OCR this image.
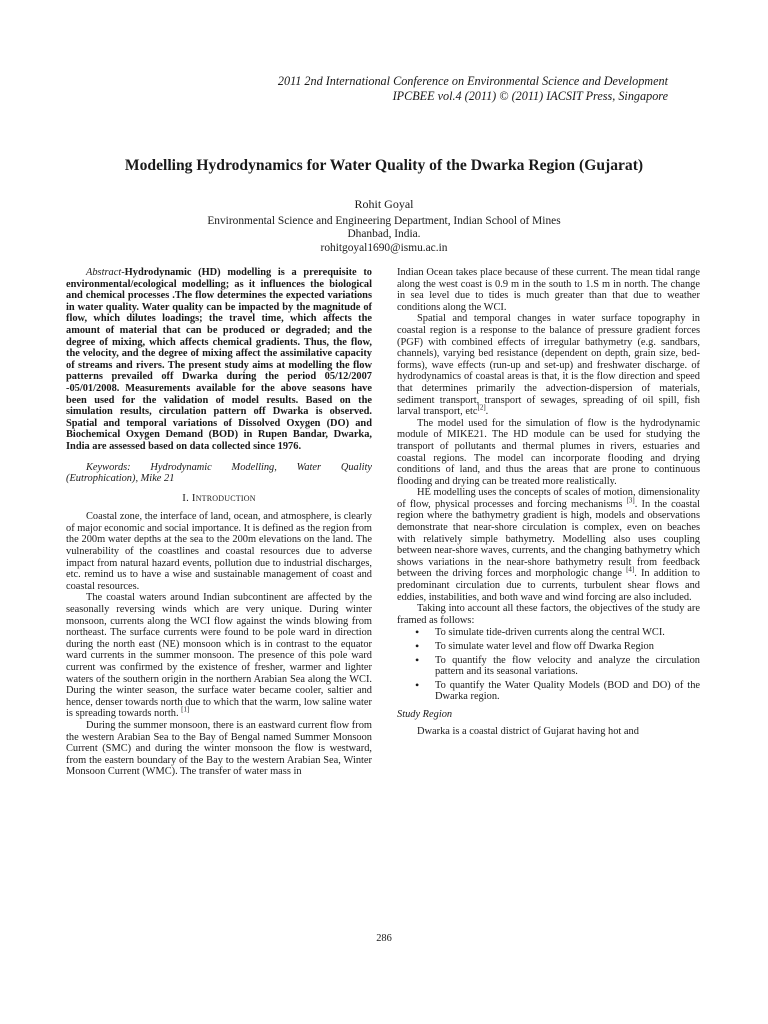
2011 2nd International Conference on Environmental Science and Development
IPCBEE vol.4 (2011) © (2011) IACSIT Press, Singapore
Modelling Hydrodynamics for Water Quality of the Dwarka Region (Gujarat)
Rohit Goyal
Environmental Science and Engineering Department, Indian School of Mines
Dhanbad, India.
rohitgoyal1690@ismu.ac.in

Abstract-Hydrodynamic (HD) modelling is a prerequisite to environmental/ecological modelling; as it influences the biological and chemical processes .The flow determines the expected variations in water quality. Water quality can be impacted by the magnitude of flow, which dilutes loadings; the travel time, which affects the amount of material that can be produced or degraded; and the degree of mixing, which affects chemical gradients. Thus, the flow, the velocity, and the degree of mixing affect the assimilative capacity of streams and rivers. The present study aims at modelling the flow patterns prevailed off Dwarka during the period 05/12/2007 -05/01/2008. Measurements available for the above seasons have been used for the validation of model results. Based on the simulation results, circulation pattern off Dwarka is observed. Spatial and temporal variations of Dissolved Oxygen (DO) and Biochemical Oxygen Demand (BOD) in Rupen Bandar, Dwarka, India are assessed based on data collected since 1976.

Keywords: Hydrodynamic Modelling, Water Quality (Eutrophication), Mike 21

I. Introduction

Coastal zone, the interface of land, ocean, and atmosphere, is clearly of major economic and social importance. It is defined as the region from the 200m water depths at the sea to the 200m elevations on the land. The vulnerability of the coastlines and coastal resources due to adverse impact from natural hazard events, pollution due to industrial discharges, etc. remind us to have a wise and sustainable management of coast and coastal resources.

The coastal waters around Indian subcontinent are affected by the seasonally reversing winds which are very unique. During winter monsoon, currents along the WCI flow against the winds blowing from northeast. The surface currents were found to be pole ward in direction during the north east (NE) monsoon which is in contrast to the equator ward currents in the summer monsoon. The presence of this pole ward current was confirmed by the existence of fresher, warmer and lighter waters of the southern origin in the northern Arabian Sea along the WCI. During the winter season, the surface water became cooler, saltier and hence, denser towards north due to which that the warm, low saline water is spreading towards north. [1]

During the summer monsoon, there is an eastward current flow from the western Arabian Sea to the Bay of Bengal named Summer Monsoon Current (SMC) and during the winter monsoon the flow is westward, from the eastern boundary of the Bay to the western Arabian Sea, Winter Monsoon Current (WMC). The transfer of water mass in

Indian Ocean takes place because of these current. The mean tidal range along the west coast is 0.9 m in the south to 1.S m in north. The change in sea level due to tides is much greater than that due to weather conditions along the WCI.

Spatial and temporal changes in water surface topography in coastal region is a response to the balance of pressure gradient forces (PGF) with combined effects of irregular bathymetry (e.g. sandbars, channels), varying bed resistance (dependent on depth, grain size, bed-forms), wave effects (run-up and set-up) and freshwater discharge. of hydrodynamics of coastal areas is that, it is the flow direction and speed that determines primarily the advection-dispersion of materials, sediment transport, transport of sewages, spreading of oil spill, fish larval transport, etc[2].

The model used for the simulation of flow is the hydrodynamic module of MIKE21. The HD module can be used for studying the transport of pollutants and thermal plumes in rivers, estuaries and coastal regions. The model can incorporate flooding and drying conditions of land, and thus the areas that are prone to continuous flooding and drying can be treated more realistically.

HE modelling uses the concepts of scales of motion, dimensionality of flow, physical processes and forcing mechanisms [3]. In the coastal region where the bathymetry gradient is high, models and observations demonstrate that near-shore circulation is complex, even on beaches with relatively simple bathymetry. Modelling also uses coupling between near-shore waves, currents, and the changing bathymetry which shows variations in the near-shore bathymetry result from feedback between the driving forces and morphologic change [4]. In addition to predominant circulation due to currents, turbulent shear flows and eddies, instabilities, and both wave and wind forcing are also included.

Taking into account all these factors, the objectives of the study are framed as follows:

• To simulate tide-driven currents along the central WCI.
• To simulate water level and flow off Dwarka Region
• To quantify the flow velocity and analyze the circulation pattern and its seasonal variations.
• To quantify the Water Quality Models (BOD and DO) of the Dwarka region.
Study Region

Dwarka is a coastal district of Gujarat having hot and

286
